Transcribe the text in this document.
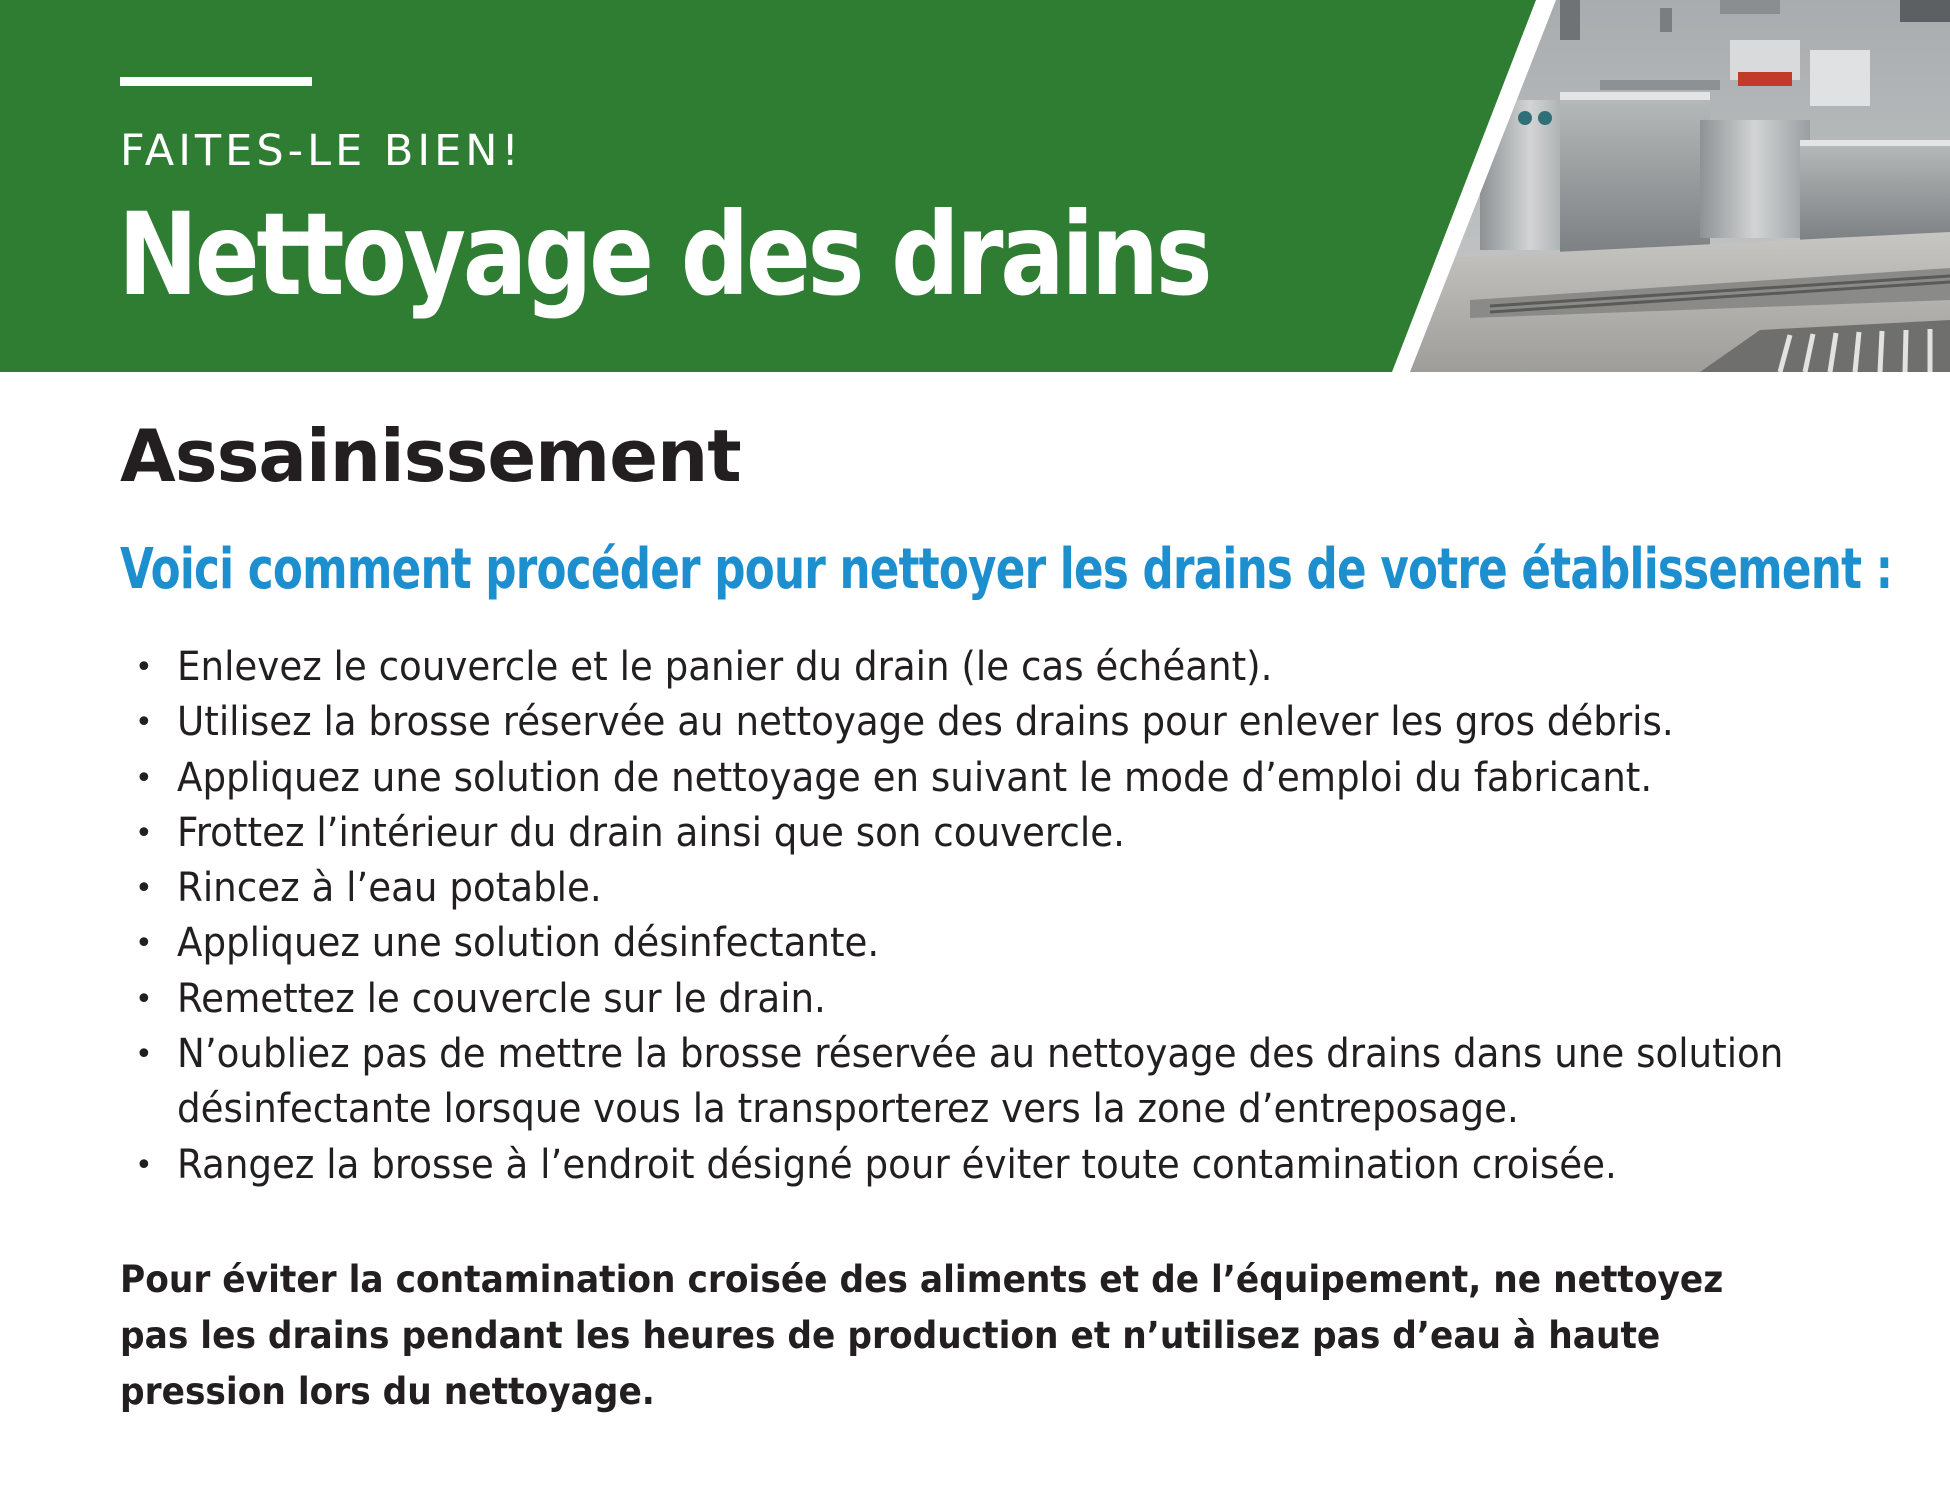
FAITES-LE BIEN!
Nettoyage des drains
Assainissement
Voici comment procéder pour nettoyer les drains de votre établissement :
• Enlevez le couvercle et le panier du drain (le cas échéant).
• Utilisez la brosse réservée au nettoyage des drains pour enlever les gros débris.
• Appliquez une solution de nettoyage en suivant le mode d’emploi du fabricant.
• Frottez l’intérieur du drain ainsi que son couvercle.
• Rincez à l’eau potable.
• Appliquez une solution désinfectante.
• Remettez le couvercle sur le drain.
• N’oubliez pas de mettre la brosse réservée au nettoyage des drains dans une solution
désinfectante lorsque vous la transporterez vers la zone d’entreposage.
• Rangez la brosse à l’endroit désigné pour éviter toute contamination croisée.

Pour éviter la contamination croisée des aliments et de l’équipement, ne nettoyez
pas les drains pendant les heures de production et n’utilisez pas d’eau à haute
pression lors du nettoyage.
